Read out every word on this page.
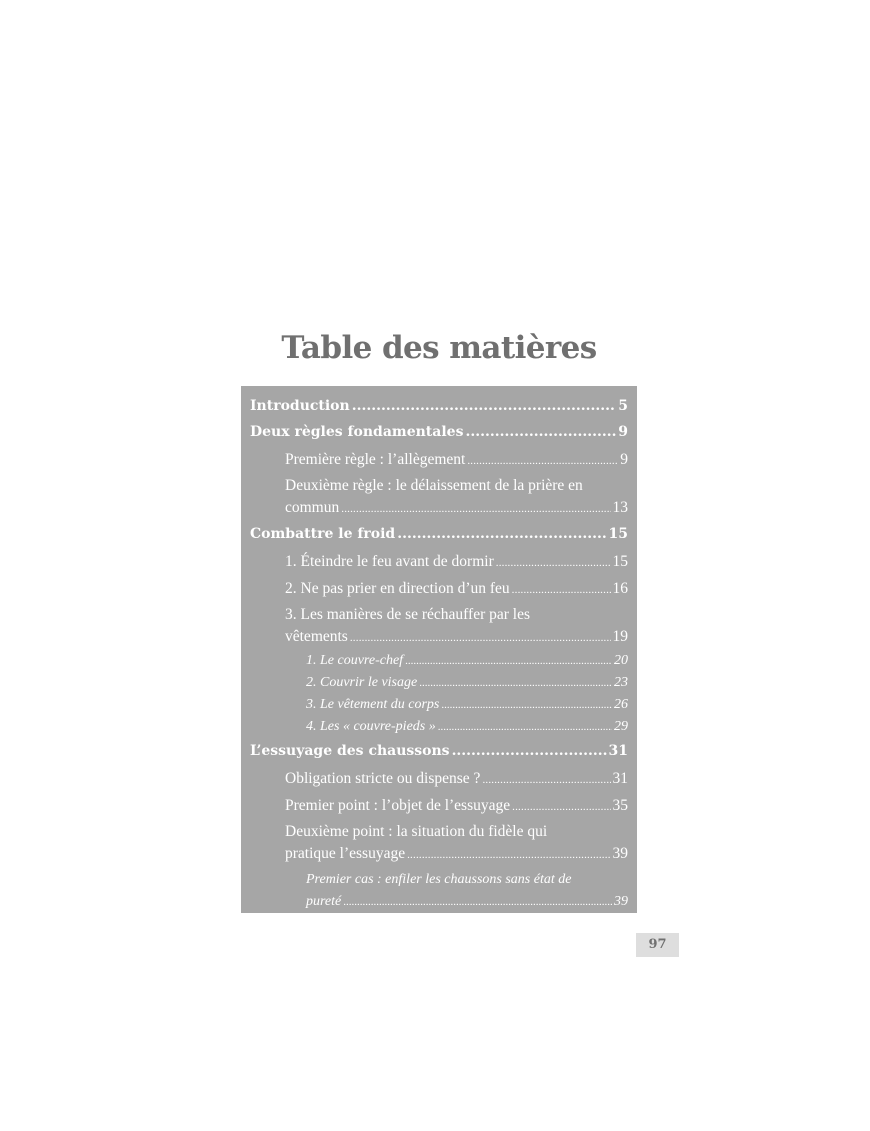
Table des matières
Introduction .....	5
Deux règles fondamentales .....	9
Première règle : l’allègement .....	9
Deuxième règle : le délaissement de la prière en
commun .....	13
Combattre le froid .....	15
1. Éteindre le feu avant de dormir .....	15
2. Ne pas prier en direction d’un feu .....	16
3. Les manières de se réchauffer par les
vêtements .....	19
1. Le couvre-chef .....	20
2. Couvrir le visage .....	23
3. Le vêtement du corps .....	26
4. Les « couvre-pieds » .....	29
L’essuyage des chaussons .....	31
Obligation stricte ou dispense ? .....	31
Premier point : l’objet de l’essuyage .....	35
Deuxième point : la situation du fidèle qui
pratique l’essuyage .....	39
Premier cas : enfiler les chaussons sans état de
pureté .....	39
97
